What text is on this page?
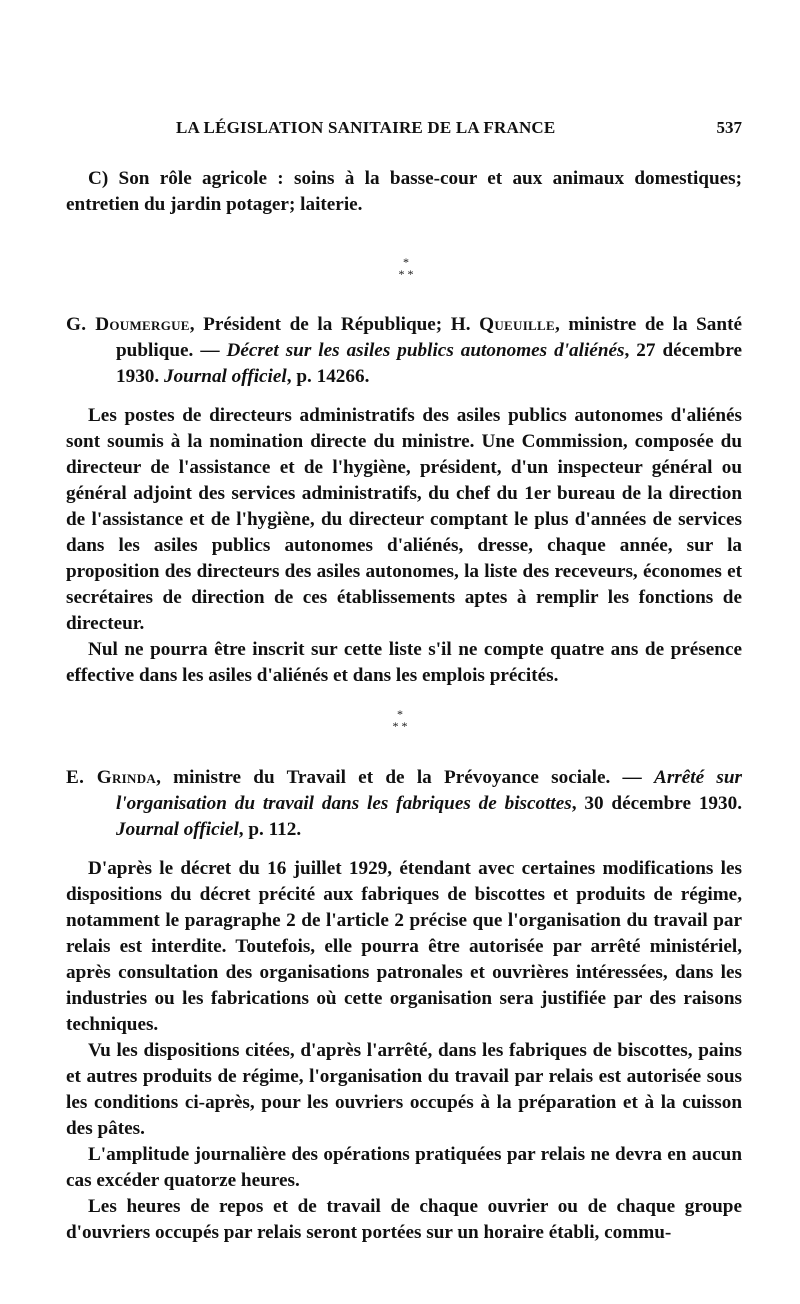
LA LÉGISLATION SANITAIRE DE LA FRANCE	537

C) Son rôle agricole : soins à la basse-cour et aux animaux domestiques; entretien du jardin potager; laiterie.

*
* *
G. Doumergue, Président de la République; H. Queuille, ministre de la Santé publique. — Décret sur les asiles publics autonomes d'aliénés, 27 décembre 1930. Journal officiel, p. 14266.

Les postes de directeurs administratifs des asiles publics autonomes d'aliénés sont soumis à la nomination directe du ministre. Une Commission, composée du directeur de l'assistance et de l'hygiène, président, d'un inspecteur général ou général adjoint des services administratifs, du chef du 1er bureau de la direction de l'assistance et de l'hygiène, du directeur comptant le plus d'années de services dans les asiles publics autonomes d'aliénés, dresse, chaque année, sur la proposition des directeurs des asiles autonomes, la liste des receveurs, économes et secrétaires de direction de ces établissements aptes à remplir les fonctions de directeur.

Nul ne pourra être inscrit sur cette liste s'il ne compte quatre ans de présence effective dans les asiles d'aliénés et dans les emplois précités.

*
* *
E. Grinda, ministre du Travail et de la Prévoyance sociale. — Arrêté sur l'organisation du travail dans les fabriques de biscottes, 30 décembre 1930. Journal officiel, p. 112.

D'après le décret du 16 juillet 1929, étendant avec certaines modifications les dispositions du décret précité aux fabriques de biscottes et produits de régime, notamment le paragraphe 2 de l'article 2 précise que l'organisation du travail par relais est interdite. Toutefois, elle pourra être autorisée par arrêté ministériel, après consultation des organisations patronales et ouvrières intéressées, dans les industries ou les fabrications où cette organisation sera justifiée par des raisons techniques.

Vu les dispositions citées, d'après l'arrêté, dans les fabriques de biscottes, pains et autres produits de régime, l'organisation du travail par relais est autorisée sous les conditions ci-après, pour les ouvriers occupés à la préparation et à la cuisson des pâtes.

L'amplitude journalière des opérations pratiquées par relais ne devra en aucun cas excéder quatorze heures.

Les heures de repos et de travail de chaque ouvrier ou de chaque groupe d'ouvriers occupés par relais seront portées sur un horaire établi, commu-
